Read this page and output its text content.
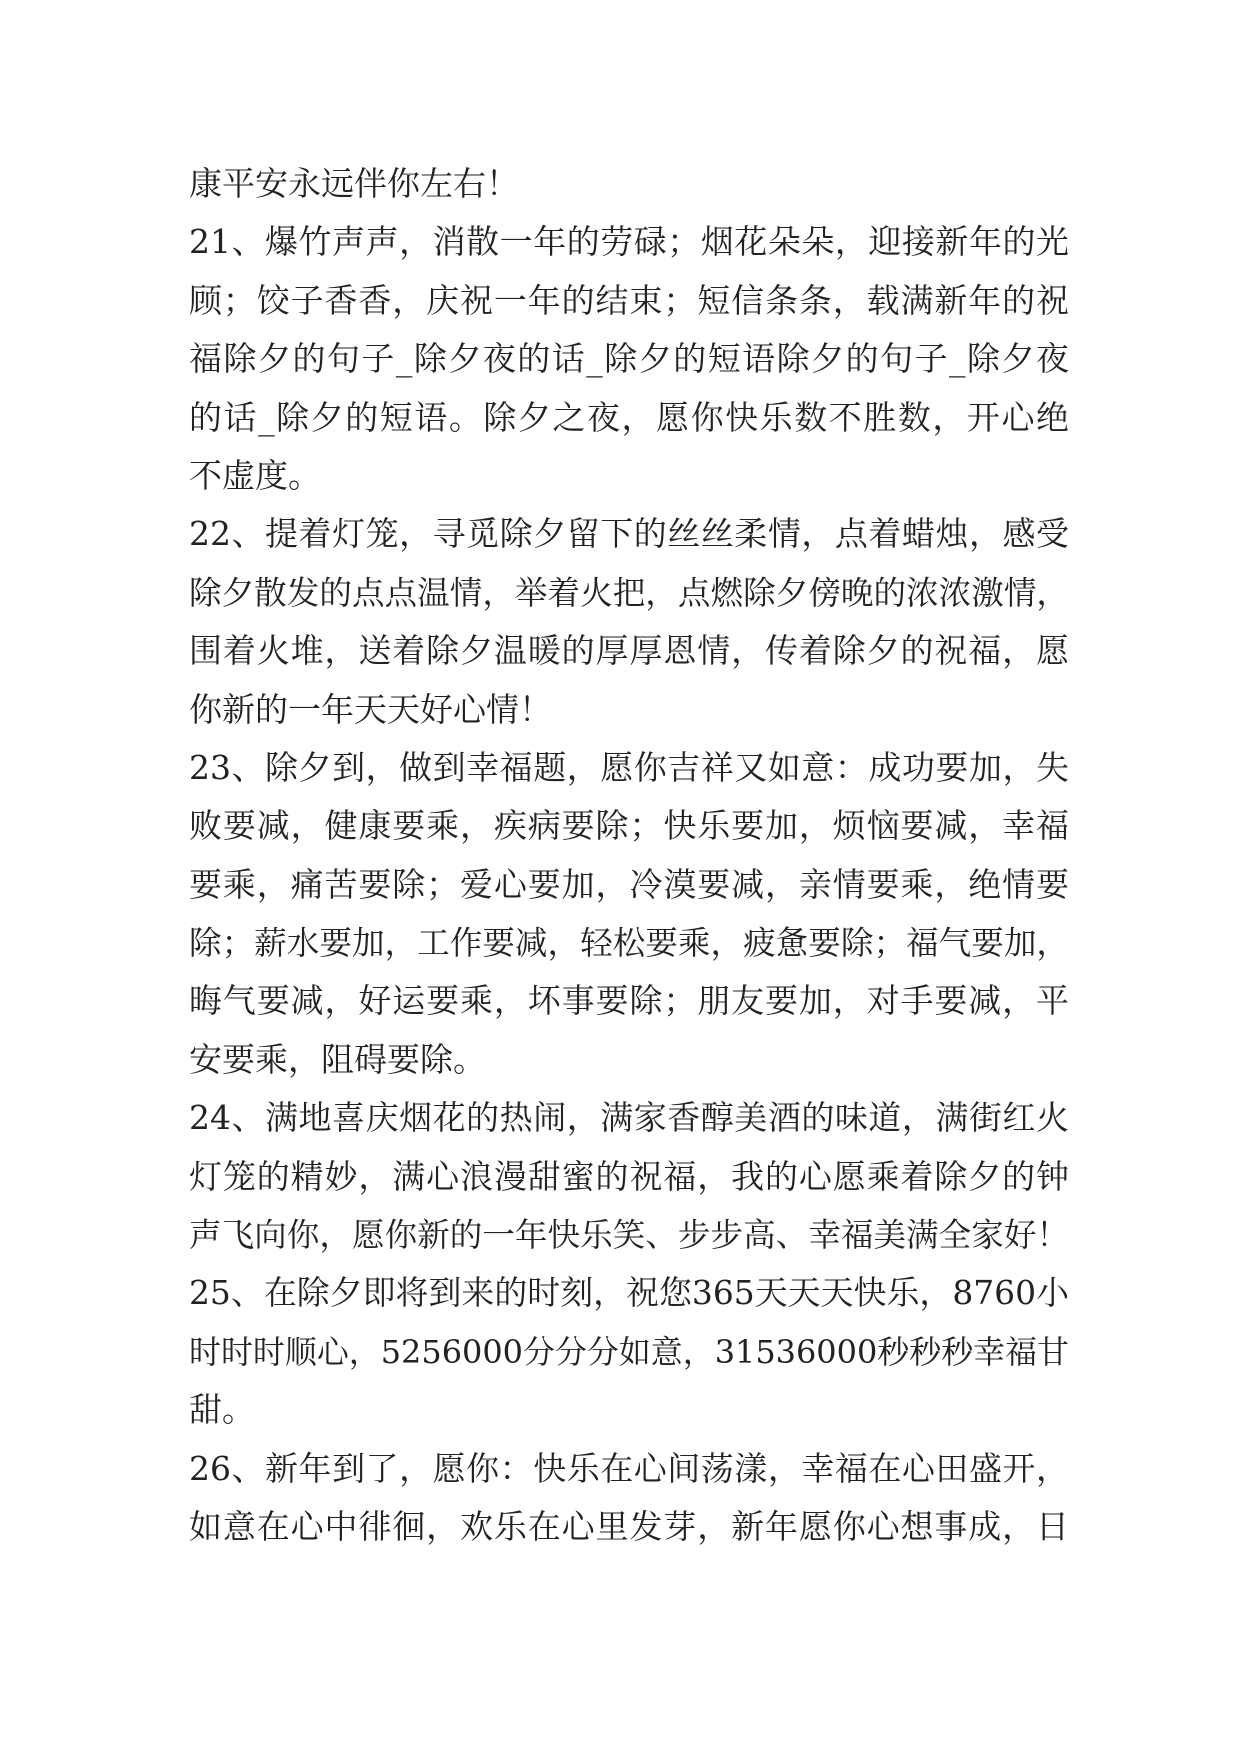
康平安永远伴你左右！
21、爆竹声声，消散一年的劳碌；烟花朵朵，迎接新年的光
顾；饺子香香，庆祝一年的结束；短信条条，载满新年的祝
福除夕的句子_除夕夜的话_除夕的短语除夕的句子_除夕夜
的话_除夕的短语。除夕之夜，愿你快乐数不胜数，开心绝
不虚度。
22、提着灯笼，寻觅除夕留下的丝丝柔情，点着蜡烛，感受
除夕散发的点点温情，举着火把，点燃除夕傍晚的浓浓激情，
围着火堆，送着除夕温暖的厚厚恩情，传着除夕的祝福，愿
你新的一年天天好心情！
23、除夕到，做到幸福题，愿你吉祥又如意：成功要加，失
败要减，健康要乘，疾病要除；快乐要加，烦恼要减，幸福
要乘，痛苦要除；爱心要加，冷漠要减，亲情要乘，绝情要
除；薪水要加，工作要减，轻松要乘，疲惫要除；福气要加，
晦气要减，好运要乘，坏事要除；朋友要加，对手要减，平
安要乘，阻碍要除。
24、满地喜庆烟花的热闹，满家香醇美酒的味道，满街红火
灯笼的精妙，满心浪漫甜蜜的祝福，我的心愿乘着除夕的钟
声飞向你，愿你新的一年快乐笑、步步高、幸福美满全家好！
25、在除夕即将到来的时刻，祝您365天天天快乐，8760小
时时时顺心，5256000分分分如意，31536000秒秒秒幸福甘
甜。
26、新年到了，愿你：快乐在心间荡漾，幸福在心田盛开，
如意在心中徘徊，欢乐在心里发芽，新年愿你心想事成，日
